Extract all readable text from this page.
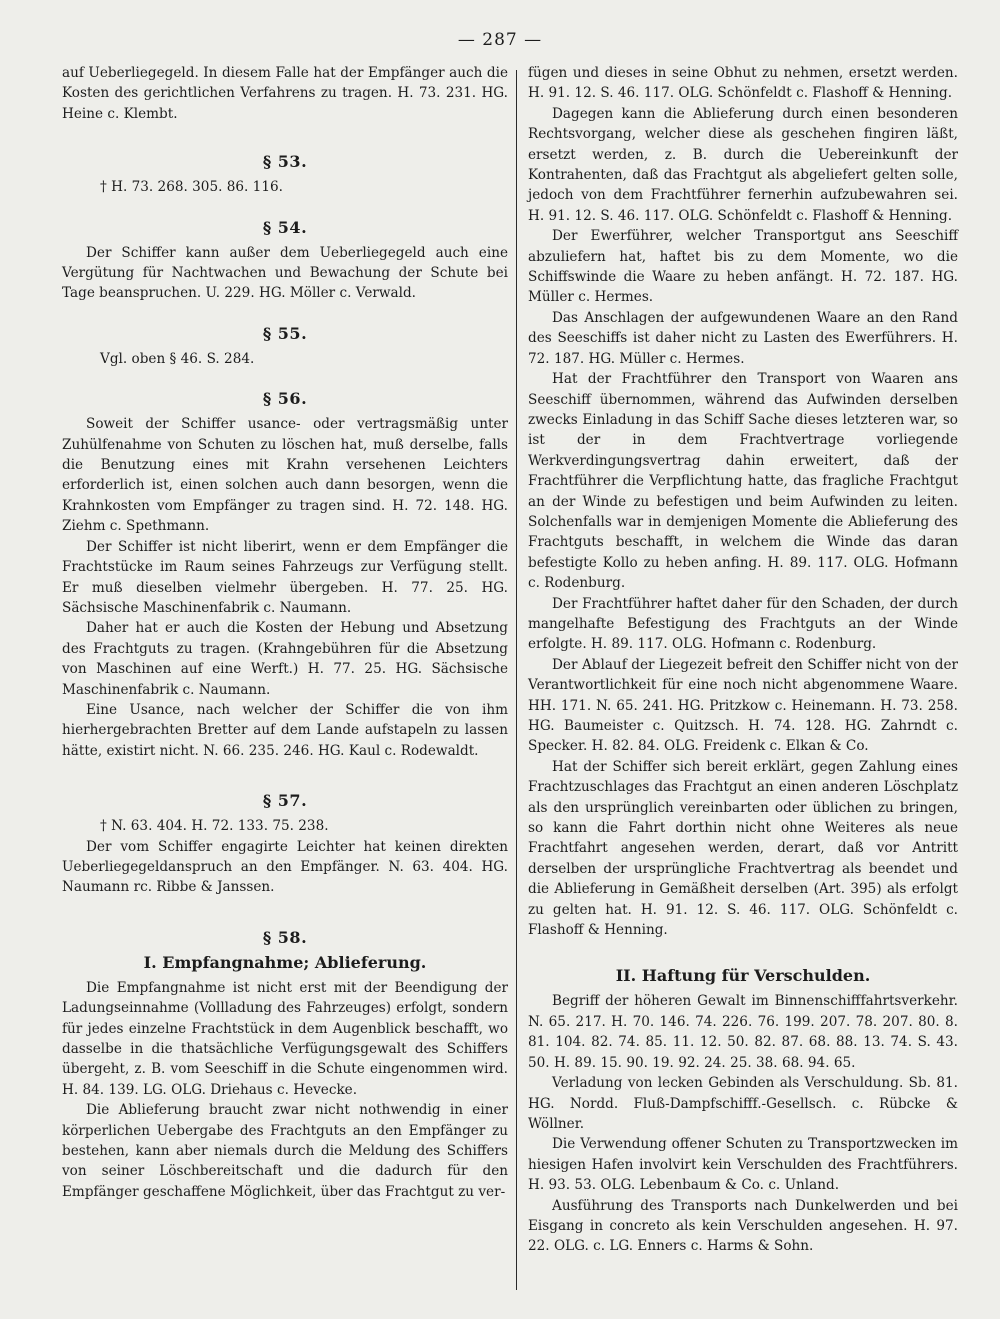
— 287 —

auf Ueberliegegeld. In diesem Falle hat der Empfänger auch die Kosten des gerichtlichen Verfahrens zu tragen. H. 73. 231. HG. Heine c. Klembt.

§ 53.
† H. 73. 268. 305. 86. 116.
§ 54.

Der Schiffer kann außer dem Ueberliegegeld auch eine Vergütung für Nachtwachen und Bewachung der Schute bei Tage beanspruchen. U. 229. HG. Möller c. Verwald.

§ 55.
Vgl. oben § 46. S. 284.
§ 56.

Soweit der Schiffer usance- oder vertragsmäßig unter Zuhülfenahme von Schuten zu löschen hat, muß derselbe, falls die Benutzung eines mit Krahn versehenen Leichters erforderlich ist, einen solchen auch dann besorgen, wenn die Krahnkosten vom Empfänger zu tragen sind. H. 72. 148. HG. Ziehm c. Spethmann.

Der Schiffer ist nicht liberirt, wenn er dem Empfänger die Frachtstücke im Raum seines Fahrzeugs zur Verfügung stellt. Er muß dieselben vielmehr übergeben. H. 77. 25. HG. Sächsische Maschinenfabrik c. Naumann.

Daher hat er auch die Kosten der Hebung und Absetzung des Frachtguts zu tragen. (Krahngebühren für die Absetzung von Maschinen auf eine Werft.) H. 77. 25. HG. Sächsische Maschinenfabrik c. Naumann.

Eine Usance, nach welcher der Schiffer die von ihm hierhergebrachten Bretter auf dem Lande aufstapeln zu lassen hätte, existirt nicht. N. 66. 235. 246. HG. Kaul c. Rodewaldt.

§ 57.
† N. 63. 404. H. 72. 133. 75. 238.

Der vom Schiffer engagirte Leichter hat keinen direkten Ueberliegegeldanspruch an den Empfänger. N. 63. 404. HG. Naumann rc. Ribbe & Janssen.

§ 58.
I. Empfangnahme; Ablieferung.

Die Empfangnahme ist nicht erst mit der Beendigung der Ladungseinnahme (Vollladung des Fahrzeuges) erfolgt, sondern für jedes einzelne Frachtstück in dem Augenblick beschafft, wo dasselbe in die thatsächliche Verfügungsgewalt des Schiffers übergeht, z. B. vom Seeschiff in die Schute eingenommen wird. H. 84. 139. LG. OLG. Driehaus c. Hevecke.

Die Ablieferung braucht zwar nicht nothwendig in einer körperlichen Uebergabe des Frachtguts an den Empfänger zu bestehen, kann aber niemals durch die Meldung des Schiffers von seiner Löschbereitschaft und die dadurch für den Empfänger geschaffene Möglichkeit, über das Frachtgut zu ver-

fügen und dieses in seine Obhut zu nehmen, ersetzt werden. H. 91. 12. S. 46. 117. OLG. Schönfeldt c. Flashoff & Henning.

Dagegen kann die Ablieferung durch einen besonderen Rechtsvorgang, welcher diese als geschehen fingiren läßt, ersetzt werden, z. B. durch die Uebereinkunft der Kontrahenten, daß das Frachtgut als abgeliefert gelten solle, jedoch von dem Frachtführer fernerhin aufzubewahren sei. H. 91. 12. S. 46. 117. OLG. Schönfeldt c. Flashoff & Henning.

Der Ewerführer, welcher Transportgut ans Seeschiff abzuliefern hat, haftet bis zu dem Momente, wo die Schiffswinde die Waare zu heben anfängt. H. 72. 187. HG. Müller c. Hermes.

Das Anschlagen der aufgewundenen Waare an den Rand des Seeschiffs ist daher nicht zu Lasten des Ewerführers. H. 72. 187. HG. Müller c. Hermes.

Hat der Frachtführer den Transport von Waaren ans Seeschiff übernommen, während das Aufwinden derselben zwecks Einladung in das Schiff Sache dieses letzteren war, so ist der in dem Frachtvertrage vorliegende Werkverdingungsvertrag dahin erweitert, daß der Frachtführer die Verpflichtung hatte, das fragliche Frachtgut an der Winde zu befestigen und beim Aufwinden zu leiten. Solchenfalls war in demjenigen Momente die Ablieferung des Frachtguts beschafft, in welchem die Winde das daran befestigte Kollo zu heben anfing. H. 89. 117. OLG. Hofmann c. Rodenburg.

Der Frachtführer haftet daher für den Schaden, der durch mangelhafte Befestigung des Frachtguts an der Winde erfolgte. H. 89. 117. OLG. Hofmann c. Rodenburg.

Der Ablauf der Liegezeit befreit den Schiffer nicht von der Verantwortlichkeit für eine noch nicht abgenommene Waare. HH. 171. N. 65. 241. HG. Pritzkow c. Heinemann. H. 73. 258. HG. Baumeister c. Quitzsch. H. 74. 128. HG. Zahrndt c. Specker. H. 82. 84. OLG. Freidenk c. Elkan & Co.

Hat der Schiffer sich bereit erklärt, gegen Zahlung eines Frachtzuschlages das Frachtgut an einen anderen Löschplatz als den ursprünglich vereinbarten oder üblichen zu bringen, so kann die Fahrt dorthin nicht ohne Weiteres als neue Frachtfahrt angesehen werden, derart, daß vor Antritt derselben der ursprüngliche Frachtvertrag als beendet und die Ablieferung in Gemäßheit derselben (Art. 395) als erfolgt zu gelten hat. H. 91. 12. S. 46. 117. OLG. Schönfeldt c. Flashoff & Henning.

II. Haftung für Verschulden.

Begriff der höheren Gewalt im Binnenschifffahrtsverkehr. N. 65. 217. H. 70. 146. 74. 226. 76. 199. 207. 78. 207. 80. 8. 81. 104. 82. 74. 85. 11. 12. 50. 82. 87. 68. 88. 13. 74. S. 43. 50. H. 89. 15. 90. 19. 92. 24. 25. 38. 68. 94. 65.

Verladung von lecken Gebinden als Verschuldung. Sb. 81. HG. Nordd. Fluß-Dampfschifff.-Gesellsch. c. Rübcke & Wöllner.

Die Verwendung offener Schuten zu Transportzwecken im hiesigen Hafen involvirt kein Verschulden des Frachtführers. H. 93. 53. OLG. Lebenbaum & Co. c. Unland.

Ausführung des Transports nach Dunkelwerden und bei Eisgang in concreto als kein Verschulden angesehen. H. 97. 22. OLG. c. LG. Enners c. Harms & Sohn.
